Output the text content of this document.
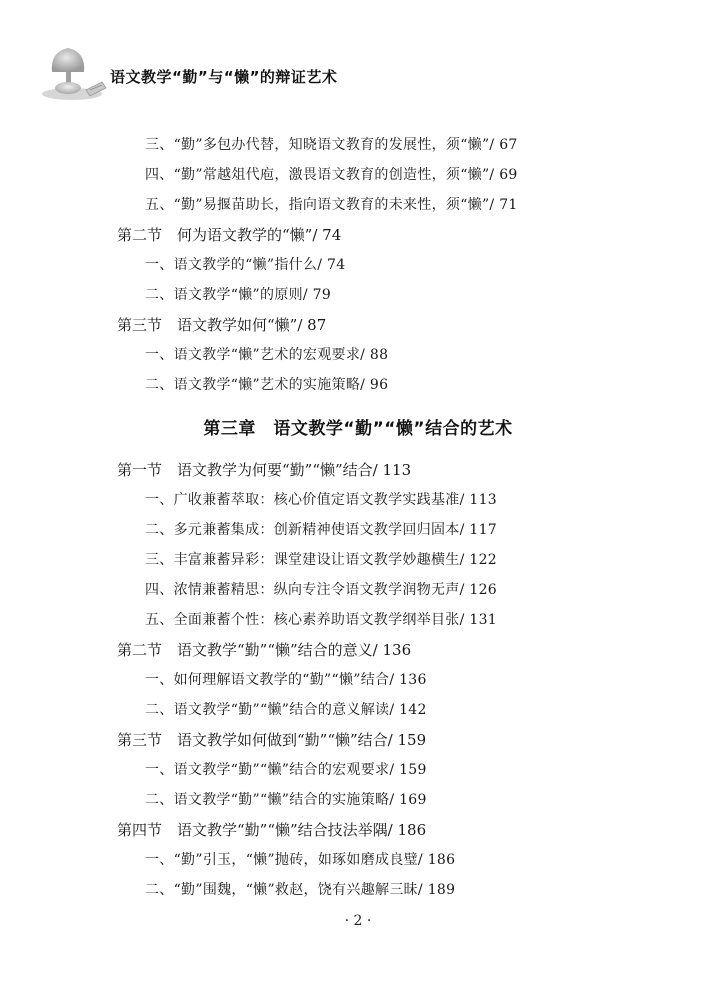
语文教学“勤”与“懒”的辩证艺术
三、“勤”多包办代替，知晓语文教育的发展性，须“懒”/ 67
四、“勤”常越俎代庖，激畏语文教育的创造性，须“懒”/ 69
五、“勤”易揠苗助长，指向语文教育的未来性，须“懒”/ 71
第二节　何为语文教学的“懒”/ 74
一、语文教学的“懒”指什么/ 74
二、语文教学“懒”的原则/ 79
第三节　语文教学如何“懒”/ 87
一、语文教学“懒”艺术的宏观要求/ 88
二、语文教学“懒”艺术的实施策略/ 96
第三章　语文教学“勤”“懒”结合的艺术
第一节　语文教学为何要“勤”“懒”结合/ 113
一、广收兼蓄萃取：核心价值定语文教学实践基准/ 113
二、多元兼蓄集成：创新精神使语文教学回归固本/ 117
三、丰富兼蓄异彩：课堂建设让语文教学妙趣横生/ 122
四、浓情兼蓄精思：纵向专注令语文教学润物无声/ 126
五、全面兼蓄个性：核心素养助语文教学纲举目张/ 131
第二节　语文教学“勤”“懒”结合的意义/ 136
一、如何理解语文教学的“勤”“懒”结合/ 136
二、语文教学“勤”“懒”结合的意义解读/ 142
第三节　语文教学如何做到“勤”“懒”结合/ 159
一、语文教学“勤”“懒”结合的宏观要求/ 159
二、语文教学“勤”“懒”结合的实施策略/ 169
第四节　语文教学“勤”“懒”结合技法举隅/ 186
一、“勤”引玉，“懒”抛砖，如琢如磨成良璧/ 186
二、“勤”围魏，“懒”救赵，饶有兴趣解三昧/ 189
· 2 ·
